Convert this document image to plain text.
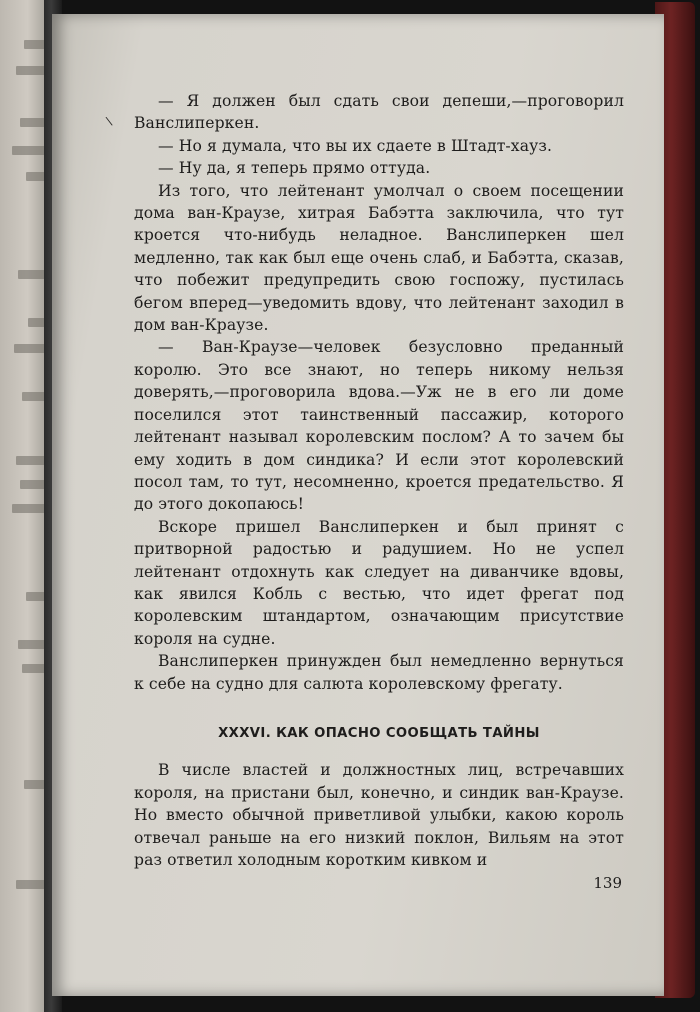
\

— Я должен был сдать свои депеши,—проговорил Ванслиперкен.

— Но я думала, что вы их сдаете в Штадт-хауз.

— Ну да, я теперь прямо оттуда.

Из того, что лейтенант умолчал о своем посещении дома ван-Краузе, хитрая Бабэтта заключила, что тут кроется что-нибудь неладное. Ванслиперкен шел медленно, так как был еще очень слаб, и Бабэтта, сказав, что побежит предупредить свою госпожу, пустилась бегом вперед—уведомить вдову, что лейтенант заходил в дом ван-Краузе.

— Ван-Краузе—человек безусловно преданный королю. Это все знают, но теперь никому нельзя доверять,—проговорила вдова.—Уж не в его ли доме поселился этот таинственный пассажир, которого лейтенант называл королевским послом? А то зачем бы ему ходить в дом синдика? И если этот королевский посол там, то тут, несомненно, кроется предательство. Я до этого докопаюсь!

Вскоре пришел Ванслиперкен и был принят с притворной радостью и радушием. Но не успел лейтенант отдохнуть как следует на диванчике вдовы, как явился Кобль с вестью, что идет фрегат под королевским штандартом, означающим присутствие короля на судне.

Ванслиперкен принужден был немедленно вернуться к себе на судно для салюта королевскому фрегату.

XXXVI. КАК ОПАСНО СООБЩАТЬ ТАЙНЫ

В числе властей и должностных лиц, встречавших короля, на пристани был, конечно, и синдик ван-Краузе. Но вместо обычной приветливой улыбки, какою король отвечал раньше на его низкий поклон, Вильям на этот раз ответил холодным коротким кивком и

139
